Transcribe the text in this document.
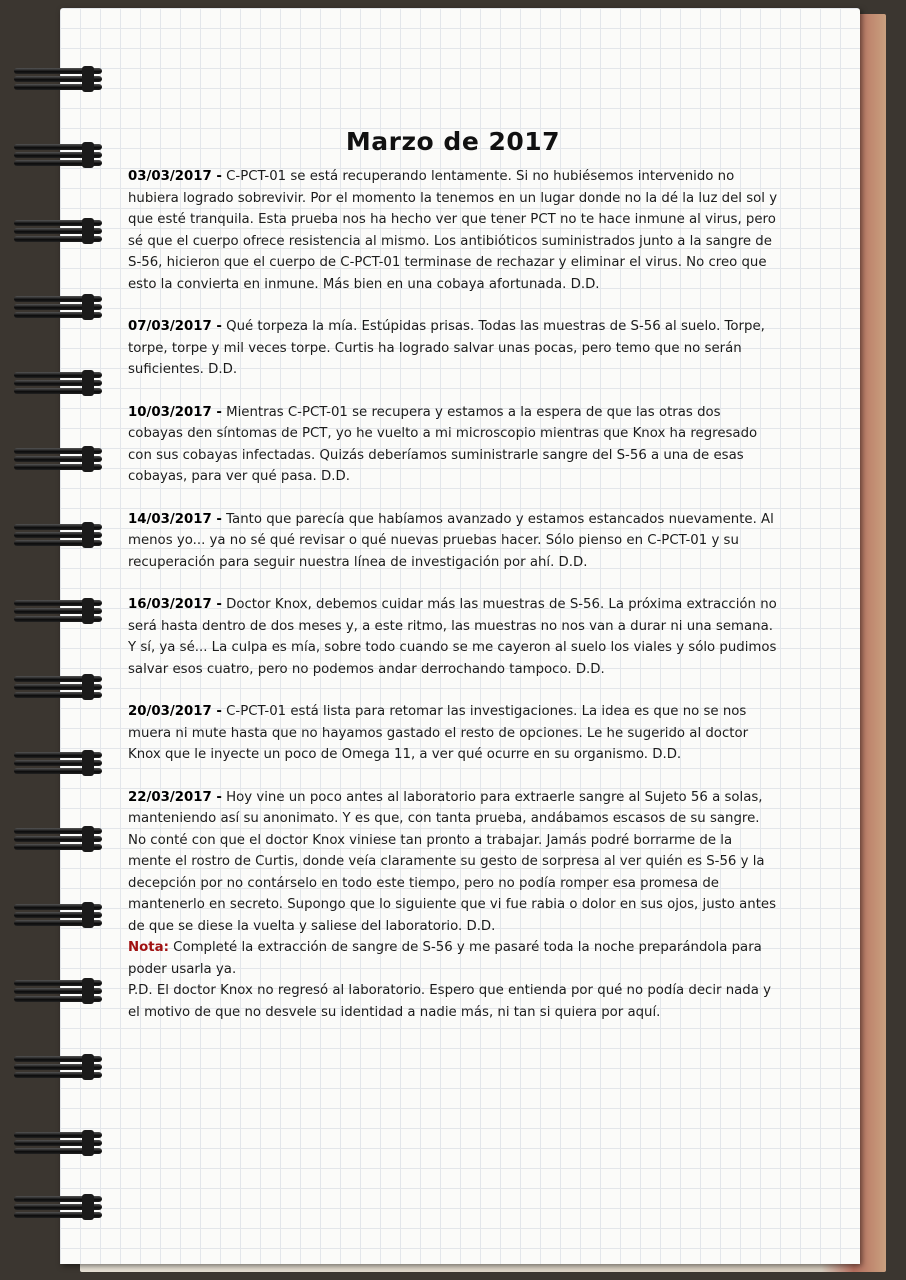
Marzo de 2017

03/03/2017 - C-PCT-01 se está recuperando lentamente. Si no hubiésemos intervenido no hubiera logrado sobrevivir. Por el momento la tenemos en un lugar donde no la dé la luz del sol y que esté tranquila. Esta prueba nos ha hecho ver que tener PCT no te hace inmune al virus, pero sé que el cuerpo ofrece resistencia al mismo. Los antibióticos suministrados junto a la sangre de S-56, hicieron que el cuerpo de C-PCT-01 terminase de rechazar y eliminar el virus. No creo que esto la convierta en inmune. Más bien en una cobaya afortunada. D.D.

07/03/2017 - Qué torpeza la mía. Estúpidas prisas. Todas las muestras de S-56 al suelo. Torpe, torpe, torpe y mil veces torpe. Curtis ha logrado salvar unas pocas, pero temo que no serán suficientes. D.D.

10/03/2017 - Mientras C-PCT-01 se recupera y estamos a la espera de que las otras dos cobayas den síntomas de PCT, yo he vuelto a mi microscopio mientras que Knox ha regresado con sus cobayas infectadas. Quizás deberíamos suministrarle sangre del S-56 a una de esas cobayas, para ver qué pasa. D.D.

14/03/2017 - Tanto que parecía que habíamos avanzado y estamos estancados nuevamente. Al menos yo... ya no sé qué revisar o qué nuevas pruebas hacer. Sólo pienso en C-PCT-01 y su recuperación para seguir nuestra línea de investigación por ahí. D.D.

16/03/2017 - Doctor Knox, debemos cuidar más las muestras de S-56. La próxima extracción no será hasta dentro de dos meses y, a este ritmo, las muestras no nos van a durar ni una semana. Y sí, ya sé... La culpa es mía, sobre todo cuando se me cayeron al suelo los viales y sólo pudimos salvar esos cuatro, pero no podemos andar derrochando tampoco. D.D.

20/03/2017 - C-PCT-01 está lista para retomar las investigaciones. La idea es que no se nos muera ni mute hasta que no hayamos gastado el resto de opciones. Le he sugerido al doctor Knox que le inyecte un poco de Omega 11, a ver qué ocurre en su organismo. D.D.

22/03/2017 - Hoy vine un poco antes al laboratorio para extraerle sangre al Sujeto 56 a solas, manteniendo así su anonimato. Y es que, con tanta prueba, andábamos escasos de su sangre. No conté con que el doctor Knox viniese tan pronto a trabajar. Jamás podré borrarme de la mente el rostro de Curtis, donde veía claramente su gesto de sorpresa al ver quién es S-56 y la decepción por no contárselo en todo este tiempo, pero no podía romper esa promesa de mantenerlo en secreto. Supongo que lo siguiente que vi fue rabia o dolor en sus ojos, justo antes de que se diese la vuelta y saliese del laboratorio. D.D.

Nota: Completé la extracción de sangre de S-56 y me pasaré toda la noche preparándola para poder usarla ya.

P.D. El doctor Knox no regresó al laboratorio. Espero que entienda por qué no podía decir nada y el motivo de que no desvele su identidad a nadie más, ni tan si quiera por aquí.
